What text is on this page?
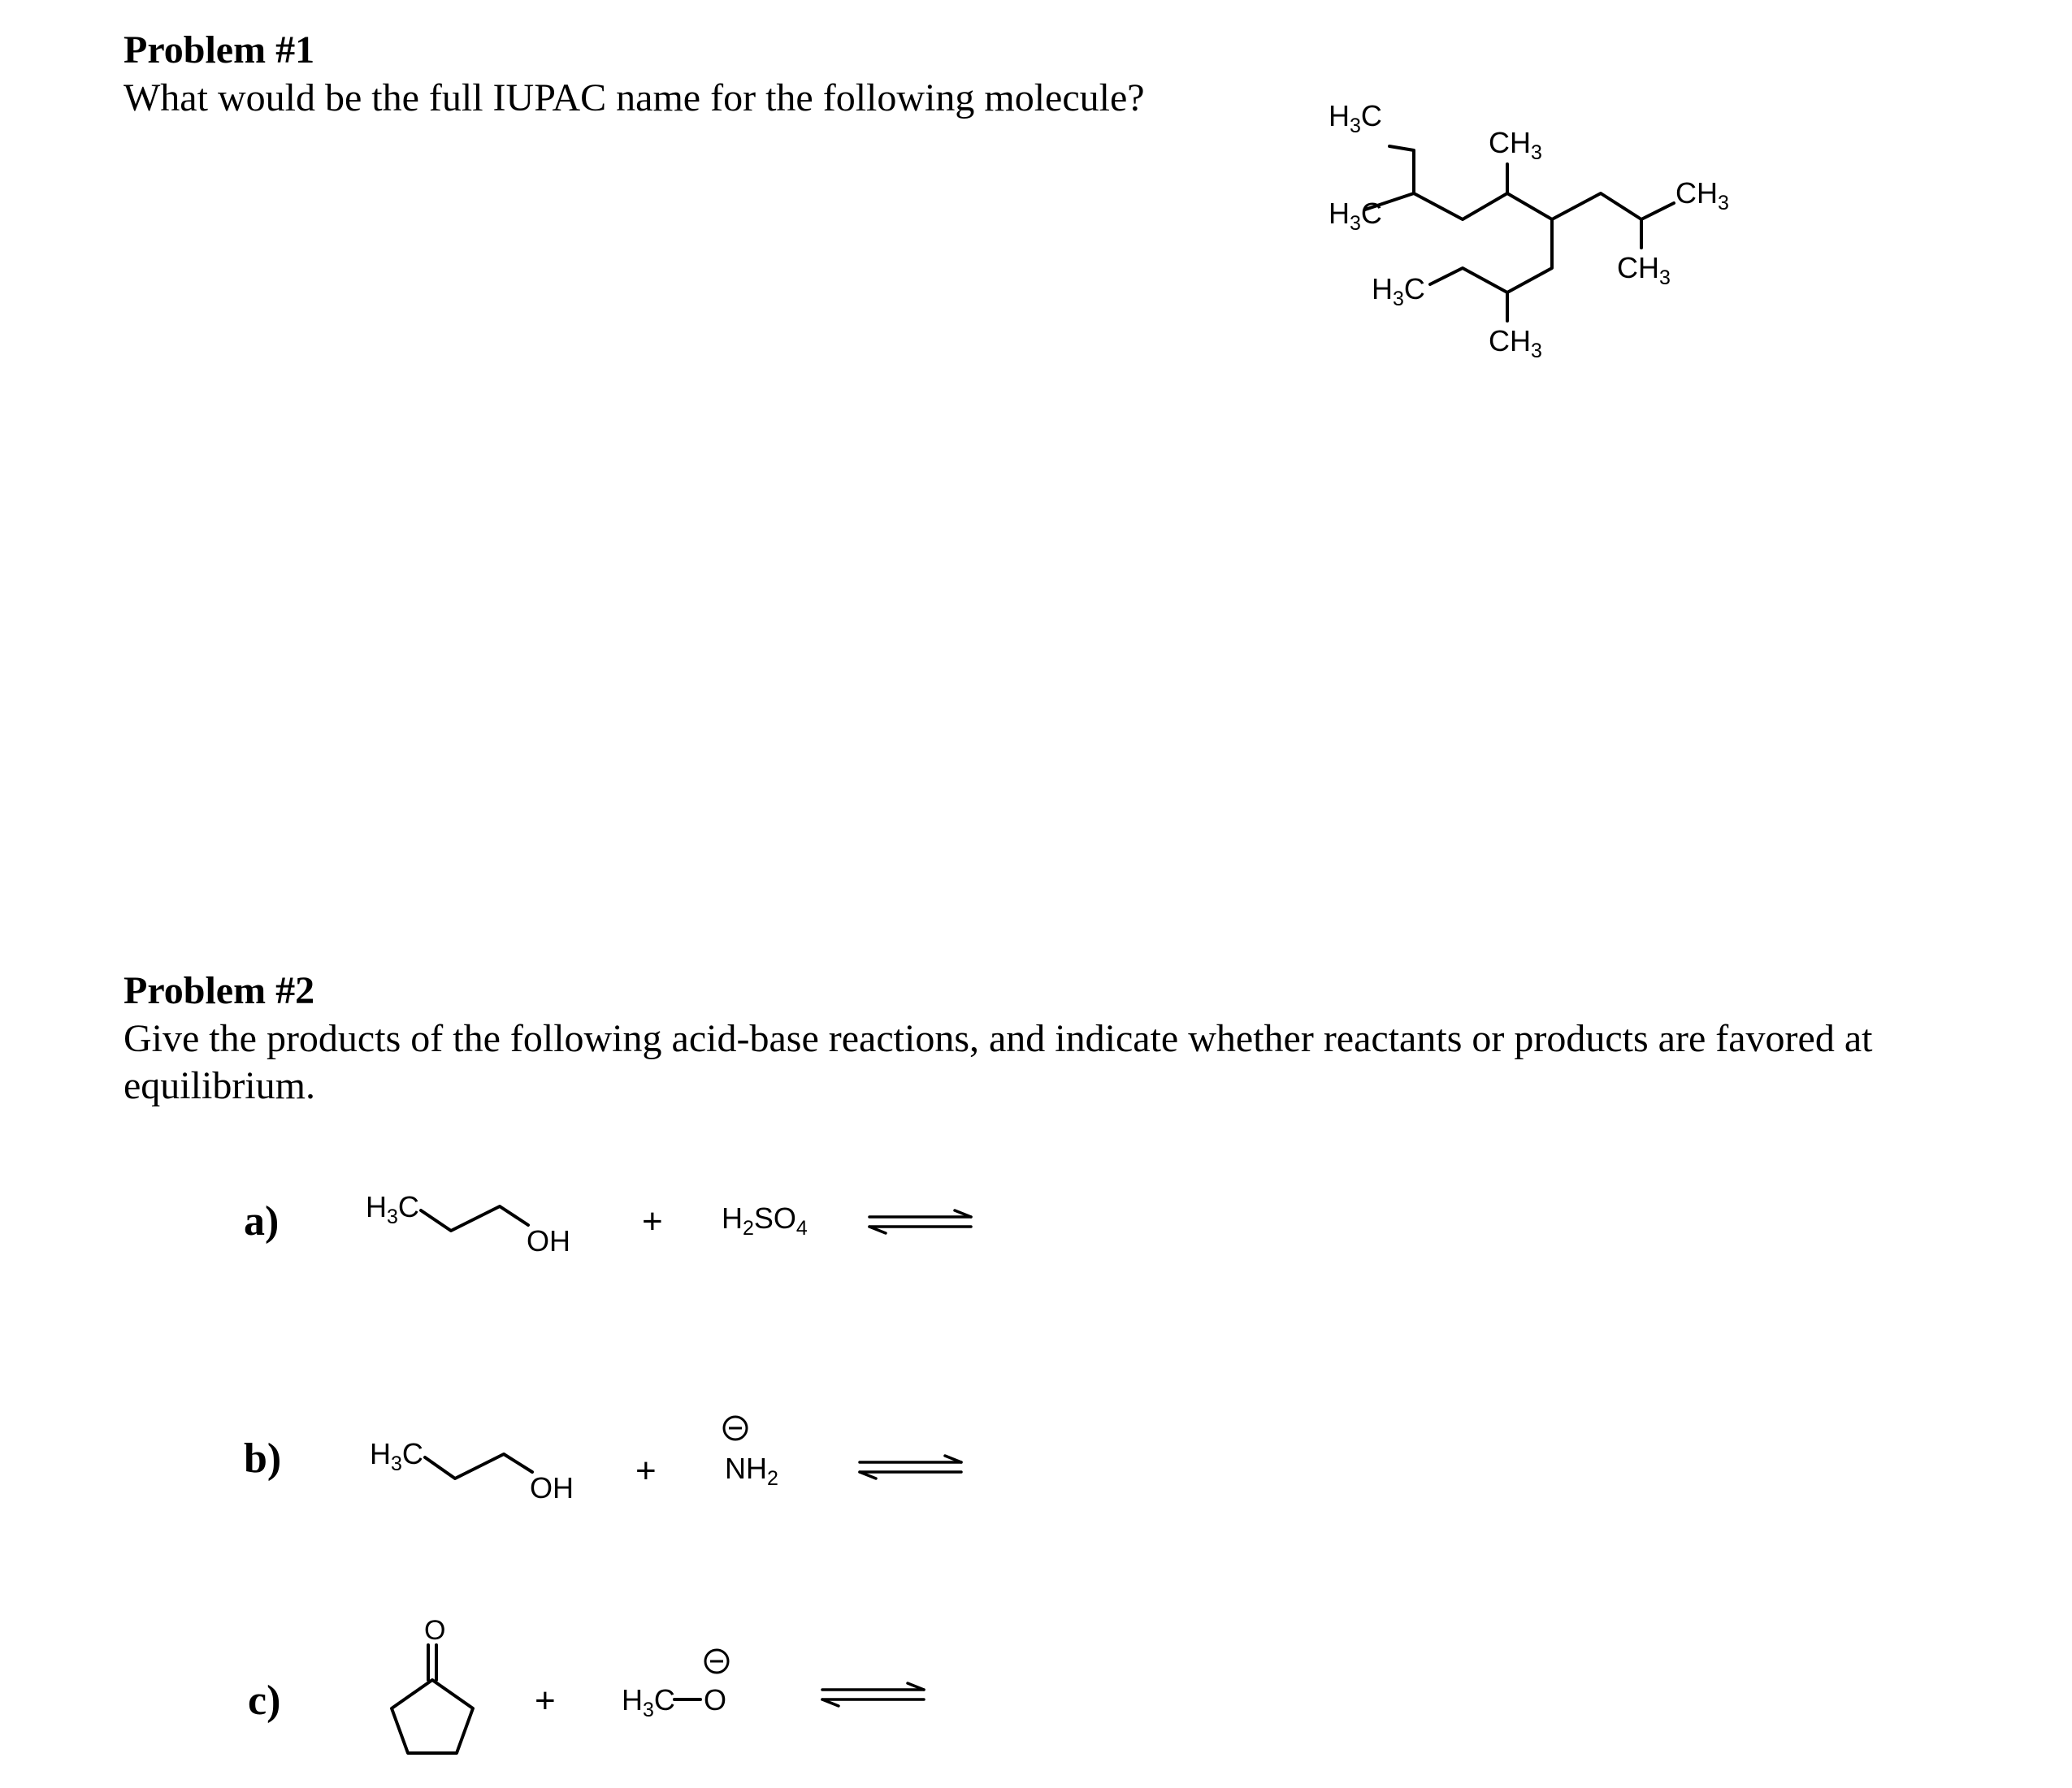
Problem #1
What would be the full IUPAC name for the following molecule?	$H_3C$
$H_3C$
$H_3C$
$CH_3$
$CH_3$
$CH_3$
$CH_3$
Problem #2
Give the products of the following acid-base reactions, and indicate whether reactants or products are favored at
equilibrium.
a)	$H_3C$
OH + $H_2SO_4$
b)	$H_3C$
OH + $NH_2$
c)
O
+ $H_3C$ O
